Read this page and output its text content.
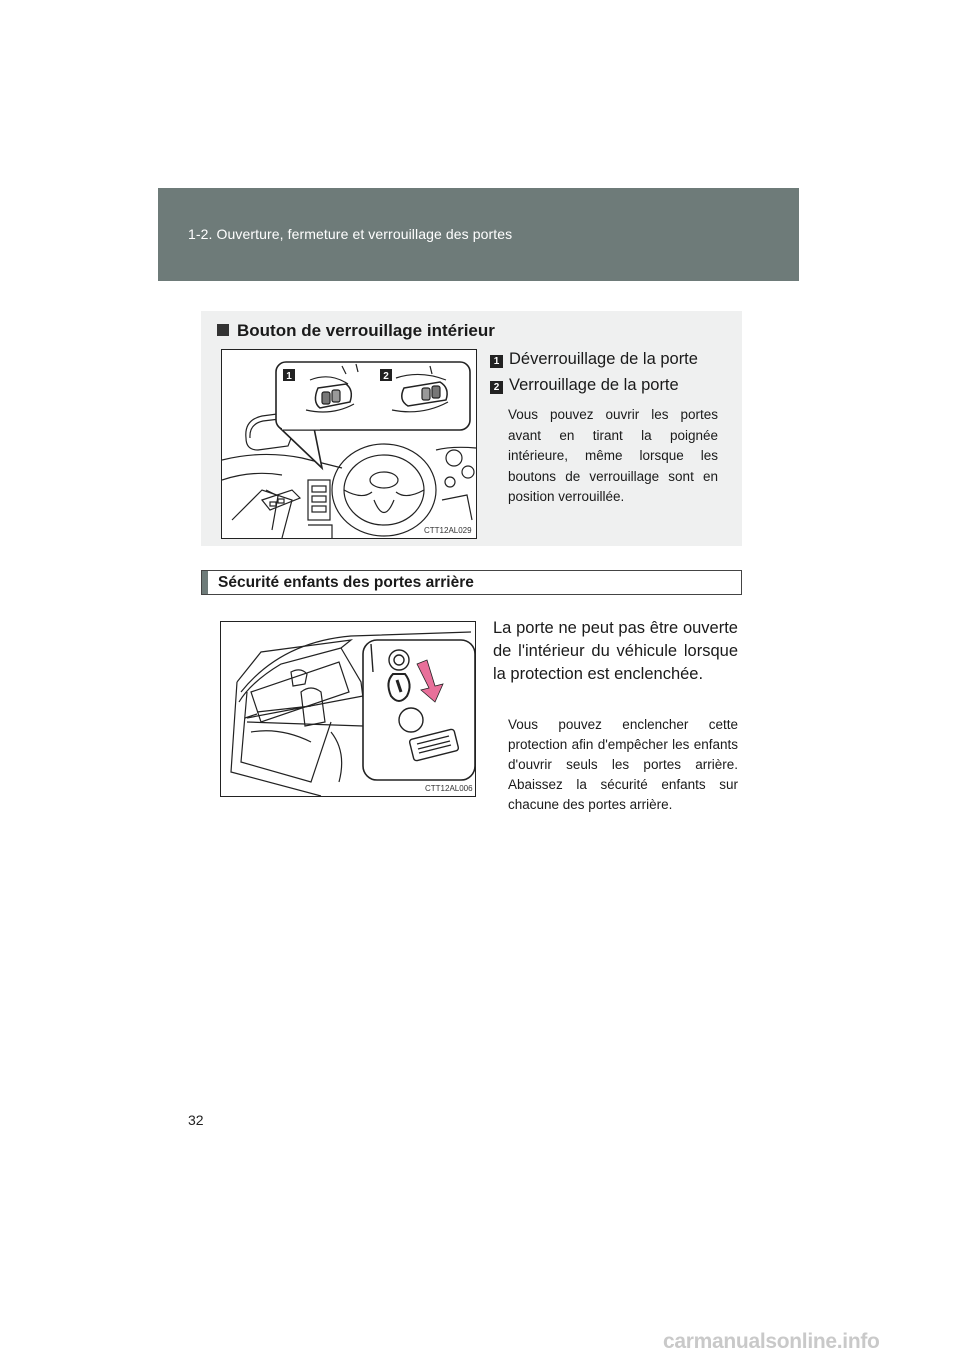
1-2. Ouverture, fermeture et verrouillage des portes
Bouton de verrouillage intérieur
1	2
CTT12AL029
1 Déverrouillage de la porte
2 Verrouillage de la porte
Vous pouvez ouvrir les portes avant en tirant la poignée intérieure, même lorsque les boutons de verrouillage sont en position verrouillée.
Sécurité enfants des portes arrière
CTT12AL006
La porte ne peut pas être ouverte de l'intérieur du véhicule lorsque la protection est enclenchée.
Vous pouvez enclencher cette protection afin d'empêcher les enfants d'ouvrir seuls les portes arrière. Abaissez la sécurité enfants sur chacune des portes arrière.
32
carmanualsonline.info
